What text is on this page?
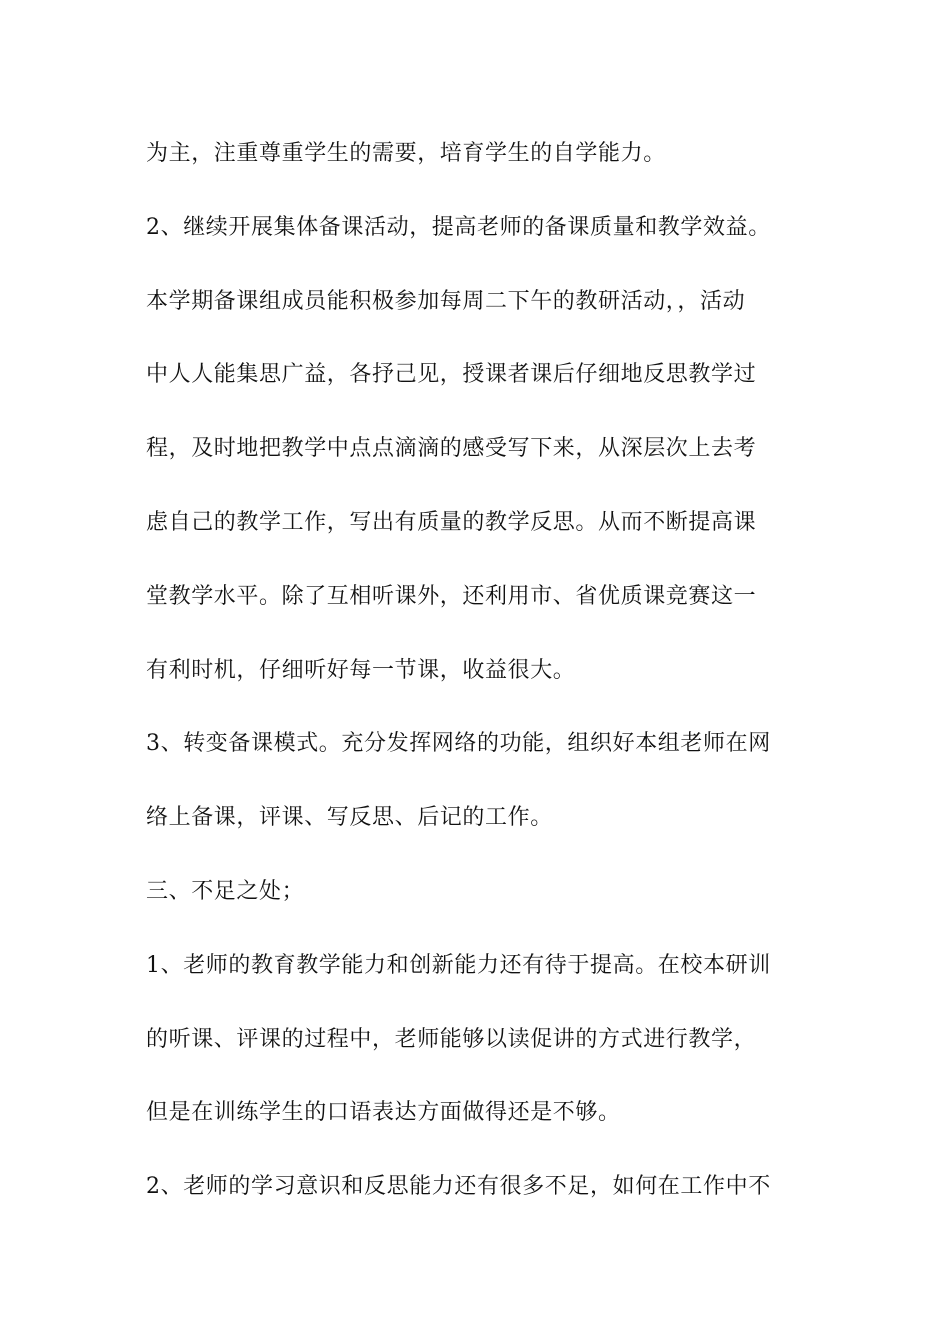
为主，注重尊重学生的需要，培育学生的自学能力。
2、继续开展集体备课活动，提高老师的备课质量和教学效益。
本学期备课组成员能积极参加每周二下午的教研活动，，活动
中人人能集思广益，各抒己见，授课者课后仔细地反思教学过
程，及时地把教学中点点滴滴的感受写下来，从深层次上去考
虑自己的教学工作，写出有质量的教学反思。从而不断提高课
堂教学水平。除了互相听课外，还利用市、省优质课竞赛这一
有利时机，仔细听好每一节课，收益很大。
3、转变备课模式。充分发挥网络的功能，组织好本组老师在网
络上备课，评课、写反思、后记的工作。
三、不足之处；
1、老师的教育教学能力和创新能力还有待于提高。在校本研训
的听课、评课的过程中，老师能够以读促讲的方式进行教学，
但是在训练学生的口语表达方面做得还是不够。
2、老师的学习意识和反思能力还有很多不足，如何在工作中不
